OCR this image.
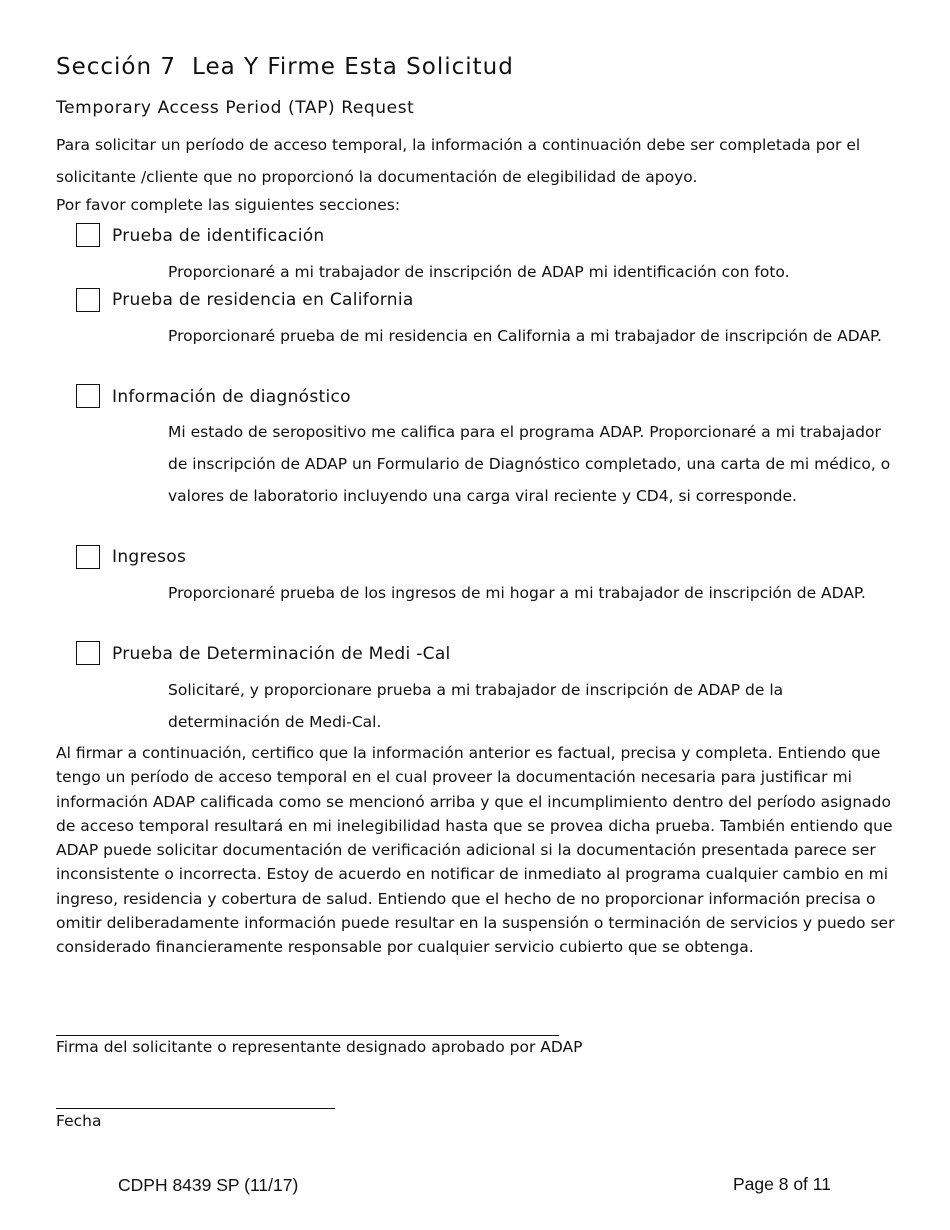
Sección 7 Lea Y Firme Esta Solicitud
Temporary Access Period (TAP) Request
Para solicitar un período de acceso temporal, la información a continuación debe ser completada por el solicitante /cliente que no proporcionó la documentación de elegibilidad de apoyo.
Por favor complete las siguientes secciones:
Prueba de identificación
Proporcionaré a mi trabajador de inscripción de ADAP mi identificación con foto.
Prueba de residencia en California
Proporcionaré prueba de mi residencia en California a mi trabajador de inscripción de ADAP.
Información de diagnóstico
Mi estado de seropositivo me califica para el programa ADAP. Proporcionaré a mi trabajador de inscripción de ADAP un Formulario de Diagnóstico completado, una carta de mi médico, o valores de laboratorio incluyendo una carga viral reciente y CD4, si corresponde.
Ingresos
Proporcionaré prueba de los ingresos de mi hogar a mi trabajador de inscripción de ADAP.
Prueba de Determinación de Medi -Cal
Solicitaré, y proporcionare prueba a mi trabajador de inscripción de ADAP de la determinación de Medi-Cal.
Al firmar a continuación, certifico que la información anterior es factual, precisa y completa. Entiendo que tengo un período de acceso temporal en el cual proveer la documentación necesaria para justificar mi información ADAP calificada como se mencionó arriba y que el incumplimiento dentro del período asignado de acceso temporal resultará en mi inelegibilidad hasta que se provea dicha prueba. También entiendo que ADAP puede solicitar documentación de verificación adicional si la documentación presentada parece ser inconsistente o incorrecta. Estoy de acuerdo en notificar de inmediato al programa cualquier cambio en mi ingreso, residencia y cobertura de salud. Entiendo que el hecho de no proporcionar información precisa o omitir deliberadamente información puede resultar en la suspensión o terminación de servicios y puedo ser considerado financieramente responsable por cualquier servicio cubierto que se obtenga.
Firma del solicitante o representante designado aprobado por ADAP
Fecha
CDPH 8439 SP (11/17)	Page 8 of 11
